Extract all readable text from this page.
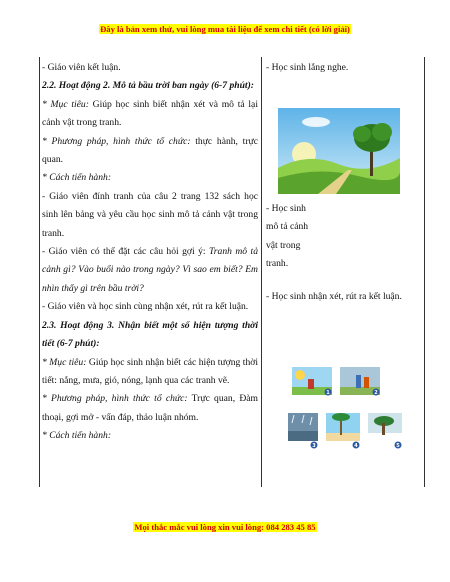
Đây là bản xem thử, vui lòng mua tài liệu để xem chi tiết (có lời giải)

- Giáo viên kết luận.

2.2. Hoạt động 2. Mô tả bầu trời ban ngày (6-7 phút):

* Mục tiêu: Giúp học sinh biết nhận xét và mô tả lại cảnh vật trong tranh.

* Phương pháp, hình thức tổ chức: thực hành, trực quan.

* Cách tiến hành:

- Giáo viên đính tranh của câu 2 trang 132 sách học sinh lên bảng và yêu cầu học sinh mô tả cảnh vật trong tranh.

- Giáo viên có thể đặt các câu hỏi gợi ý: Tranh mô tả cảnh gì? Vào buổi nào trong ngày? Vì sao em biết? Em nhìn thấy gì trên bầu trời?

- Giáo viên và học sinh cùng nhận xét, rút ra kết luận.

2.3. Hoạt động 3. Nhận biết một số hiện tượng thời tiết (6-7 phút):

* Mục tiêu: Giúp học sinh nhận biết các hiện tượng thời tiết: nắng, mưa, gió, nóng, lạnh qua các tranh vẽ.

* Phương pháp, hình thức tổ chức: Trực quan, Đàm thoại, gợi mở - vấn đáp, thảo luận nhóm.

* Cách tiến hành:

- Học sinh lắng nghe.

- Học sinh

mô tả cảnh

vật trong

tranh.

- Học sinh nhận xét, rút ra kết luận.

1	2
3	4	5
Mọi thắc mắc vui lòng xin vui lòng: 084 283 45 85
